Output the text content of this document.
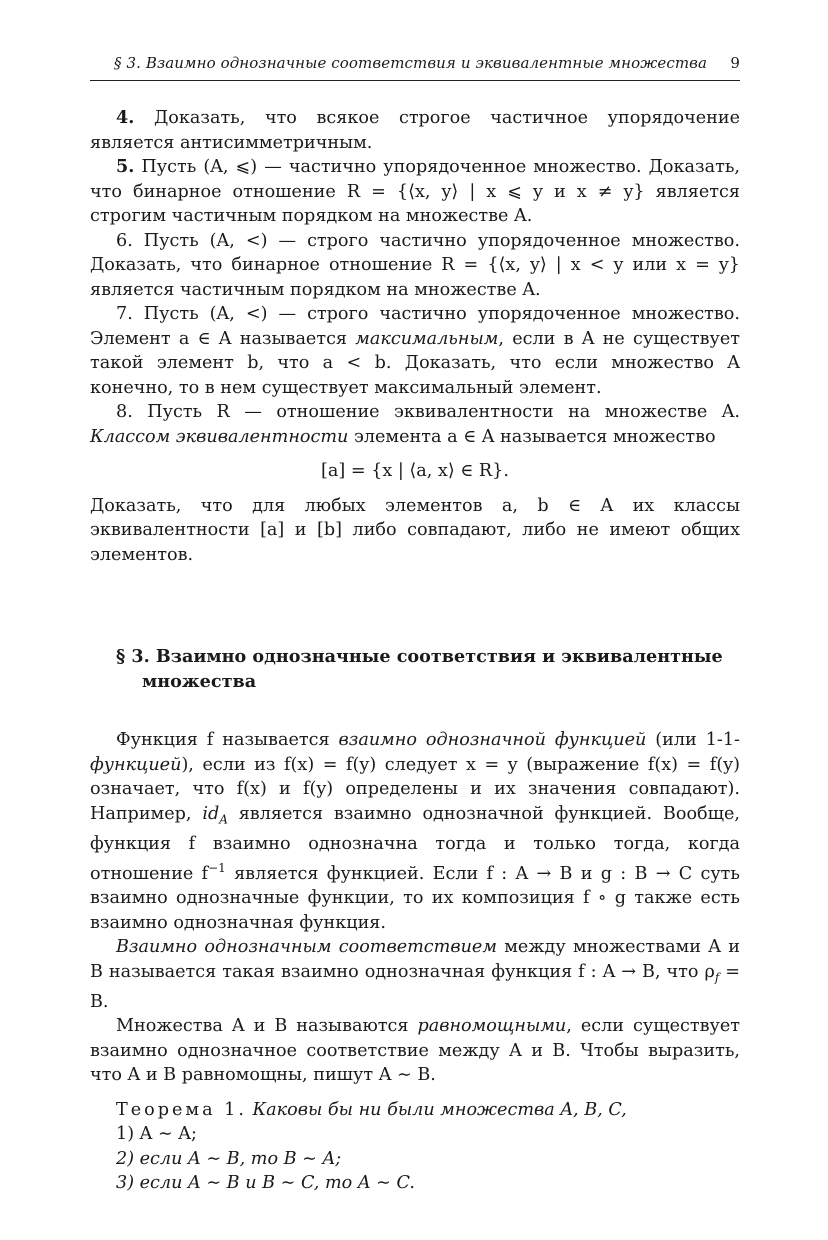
§ 3. Взаимно однозначные соответствия и эквивалентные множества 9

4. Доказать, что всякое строгое частичное упорядочение является антисимметричным.

5. Пусть (A, ⩽) — частично упорядоченное множество. Доказать, что бинарное отношение R = {⟨x, y⟩ | x ⩽ y и x ≠ y} является строгим частичным порядком на множестве A.

6. Пусть (A, <) — строго частично упорядоченное множество. Доказать, что бинарное отношение R = {⟨x, y⟩ | x < y или x = y} является частичным порядком на множестве A.

7. Пусть (A, <) — строго частично упорядоченное множество. Элемент a ∈ A называется максимальным, если в A не существует такой элемент b, что a < b. Доказать, что если множество A конечно, то в нем существует максимальный элемент.

8. Пусть R — отношение эквивалентности на множестве A. Классом эквивалентности элемента a ∈ A называется множество

[a] = {x | ⟨a, x⟩ ∈ R}.

Доказать, что для любых элементов a, b ∈ A их классы эквивалентности [a] и [b] либо совпадают, либо не имеют общих элементов.

§ 3. Взаимно однозначные соответствия и эквивалентные множества

Функция f называется взаимно однозначной функцией (или 1-1-функцией), если из f(x) = f(y) следует x = y (выражение f(x) = f(y) означает, что f(x) и f(y) определены и их значения совпадают). Например, $id_A$ является взаимно однозначной функцией. Вообще, функция f взаимно однозначна тогда и только тогда, когда отношение $f^{-1}$ является функцией. Если f : A → B и g : B → C суть взаимно однозначные функции, то их композиция f ∘ g также есть взаимно однозначная функция.

Взаимно однозначным соответствием между множествами A и B называется такая взаимно однозначная функция f : A → B, что $\rho_f = B$.

Множества A и B называются равномощными, если существует взаимно однозначное соответствие между A и B. Чтобы выразить, что A и B равномощны, пишут A ∼ B.

Теорема 1. Каковы бы ни были множества A, B, C,

1) A ∼ A;

2) если A ∼ B, то B ∼ A;

3) если A ∼ B и B ∼ C, то A ∼ C.
